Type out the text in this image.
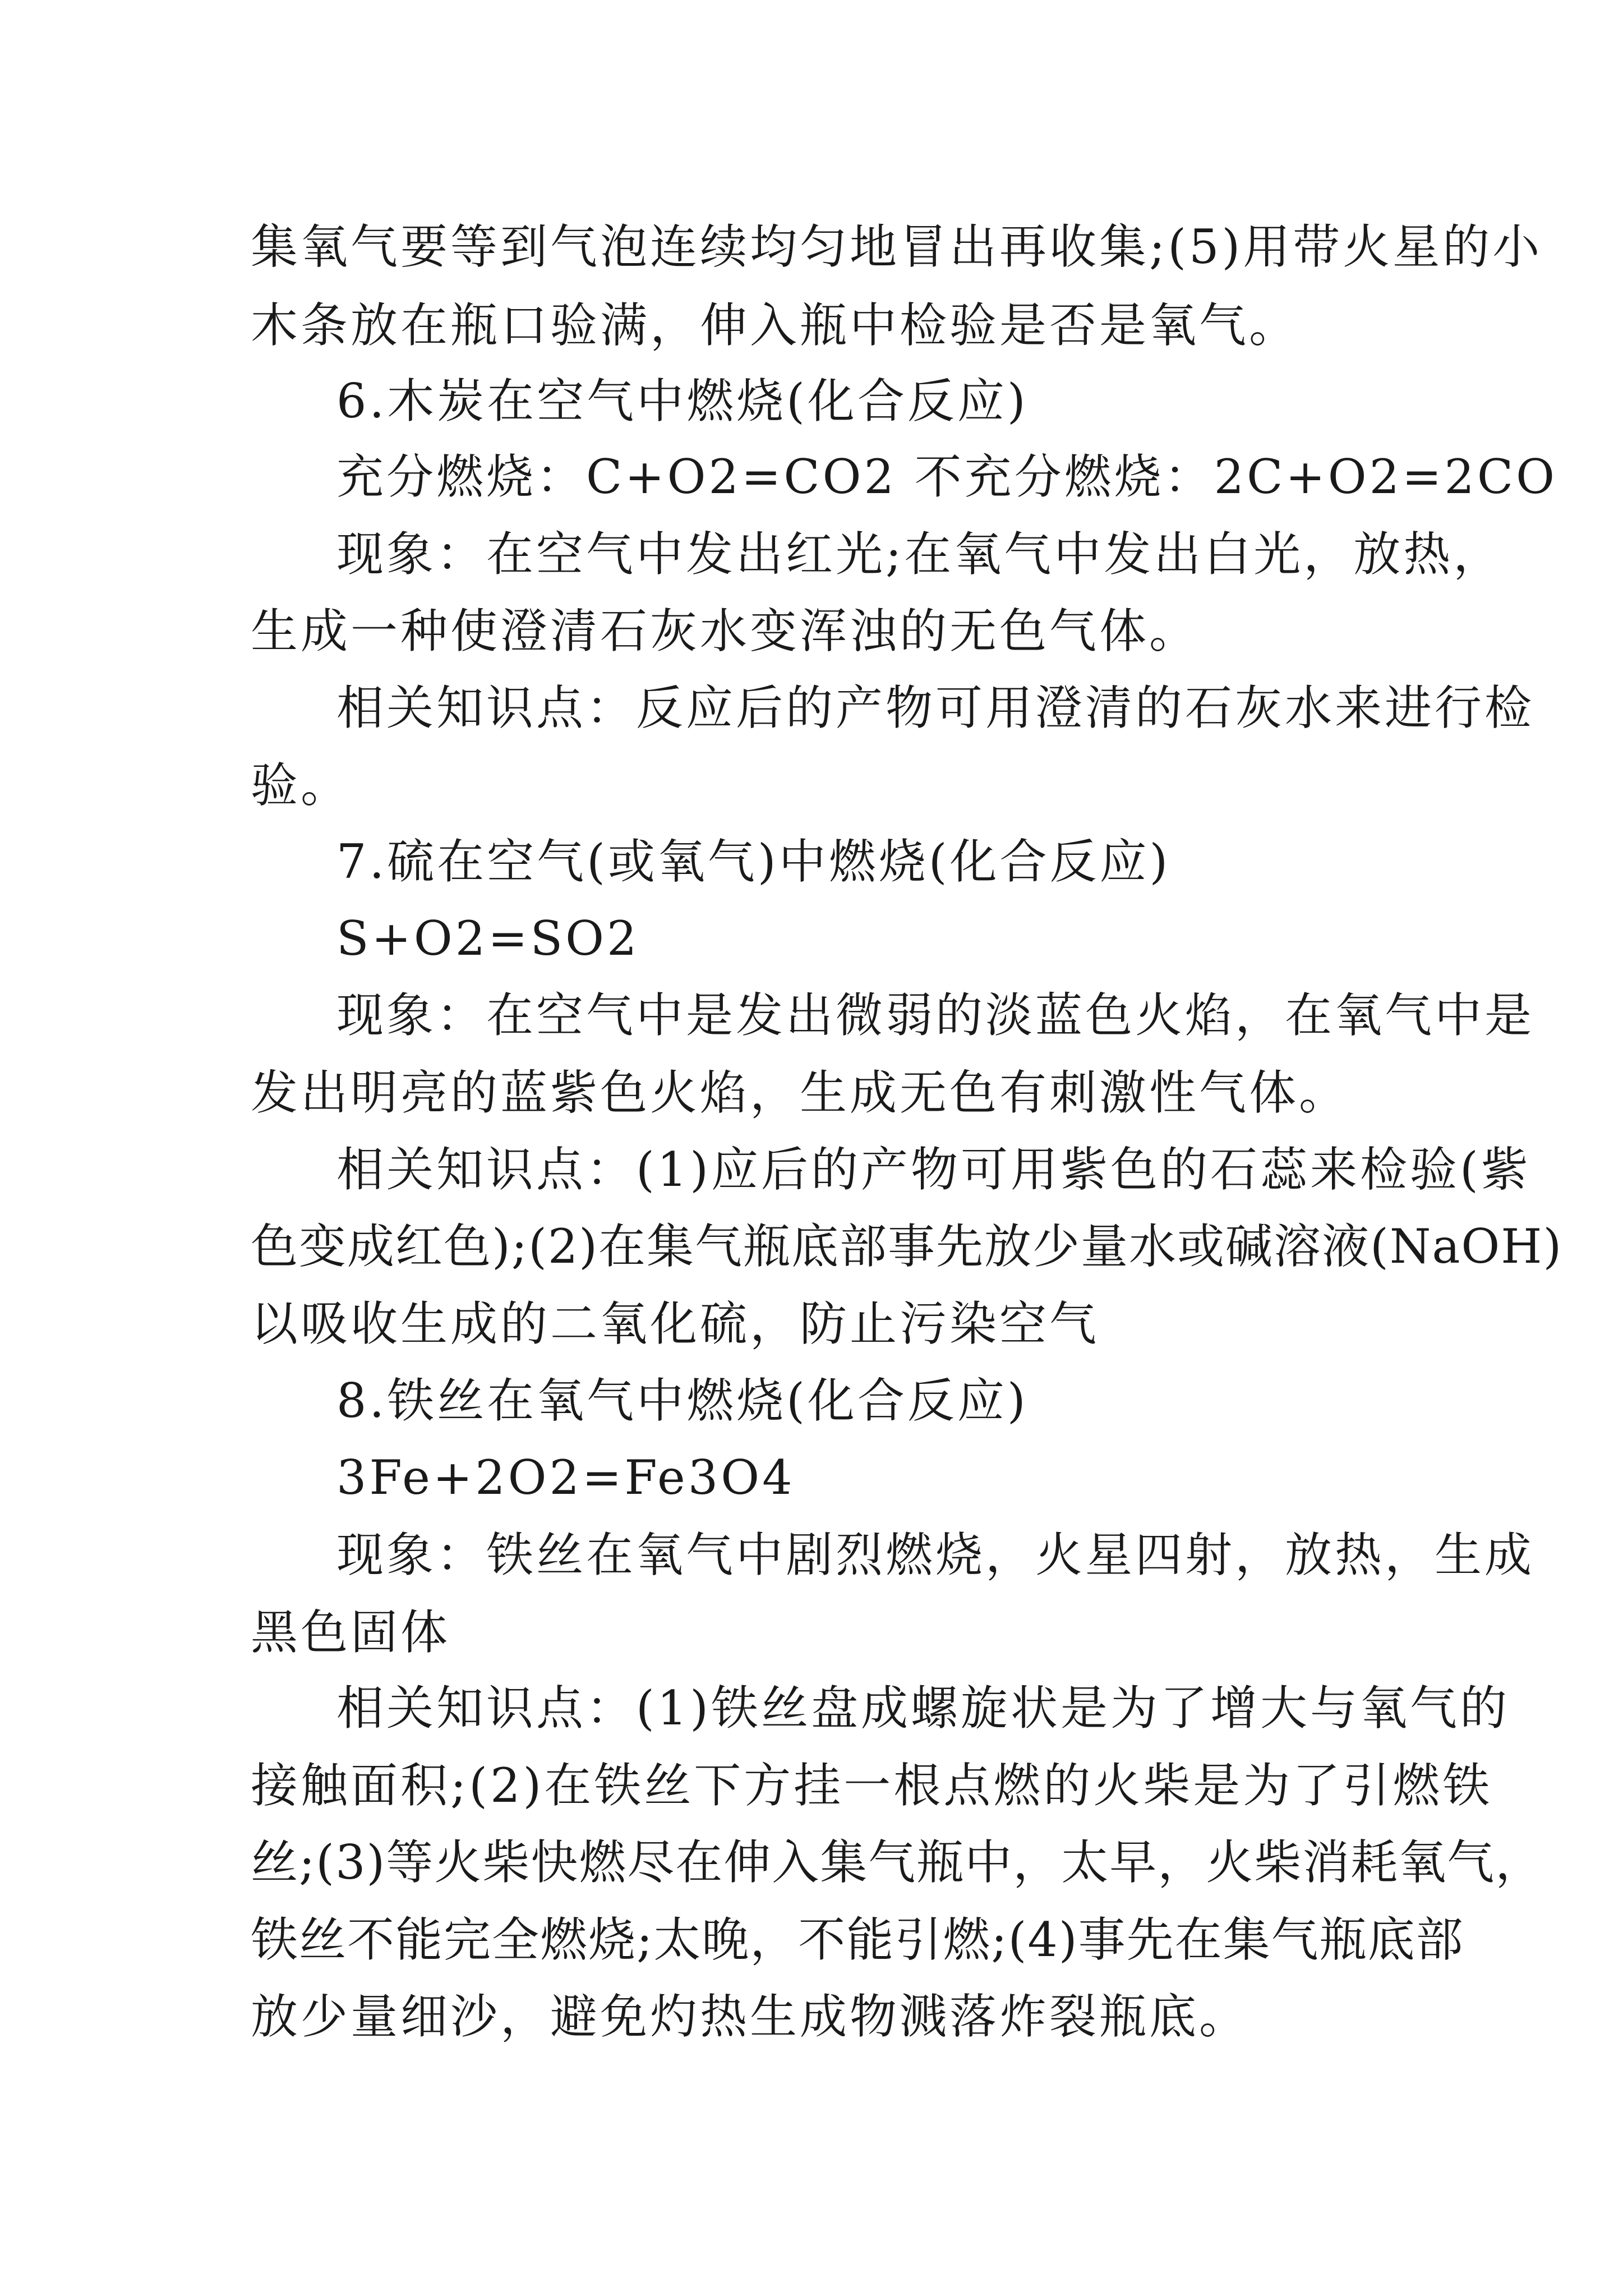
集氧气要等到气泡连续均匀地冒出再收集;(5)用带火星的小
木条放在瓶口验满，伸入瓶中检验是否是氧气。
6.木炭在空气中燃烧(化合反应)
充分燃烧：C+O2=CO2 不充分燃烧：2C+O2=2CO
现象：在空气中发出红光;在氧气中发出白光，放热，
生成一种使澄清石灰水变浑浊的无色气体。
相关知识点：反应后的产物可用澄清的石灰水来进行检
验。
7.硫在空气(或氧气)中燃烧(化合反应)
S+O2=SO2
现象：在空气中是发出微弱的淡蓝色火焰，在氧气中是
发出明亮的蓝紫色火焰，生成无色有刺激性气体。
相关知识点：(1)应后的产物可用紫色的石蕊来检验(紫
色变成红色);(2)在集气瓶底部事先放少量水或碱溶液(NaOH)
以吸收生成的二氧化硫，防止污染空气
8.铁丝在氧气中燃烧(化合反应)
3Fe+2O2=Fe3O4
现象：铁丝在氧气中剧烈燃烧，火星四射，放热，生成
黑色固体
相关知识点：(1)铁丝盘成螺旋状是为了增大与氧气的
接触面积;(2)在铁丝下方挂一根点燃的火柴是为了引燃铁
丝;(3)等火柴快燃尽在伸入集气瓶中，太早，火柴消耗氧气，
铁丝不能完全燃烧;太晚，不能引燃;(4)事先在集气瓶底部
放少量细沙，避免灼热生成物溅落炸裂瓶底。
